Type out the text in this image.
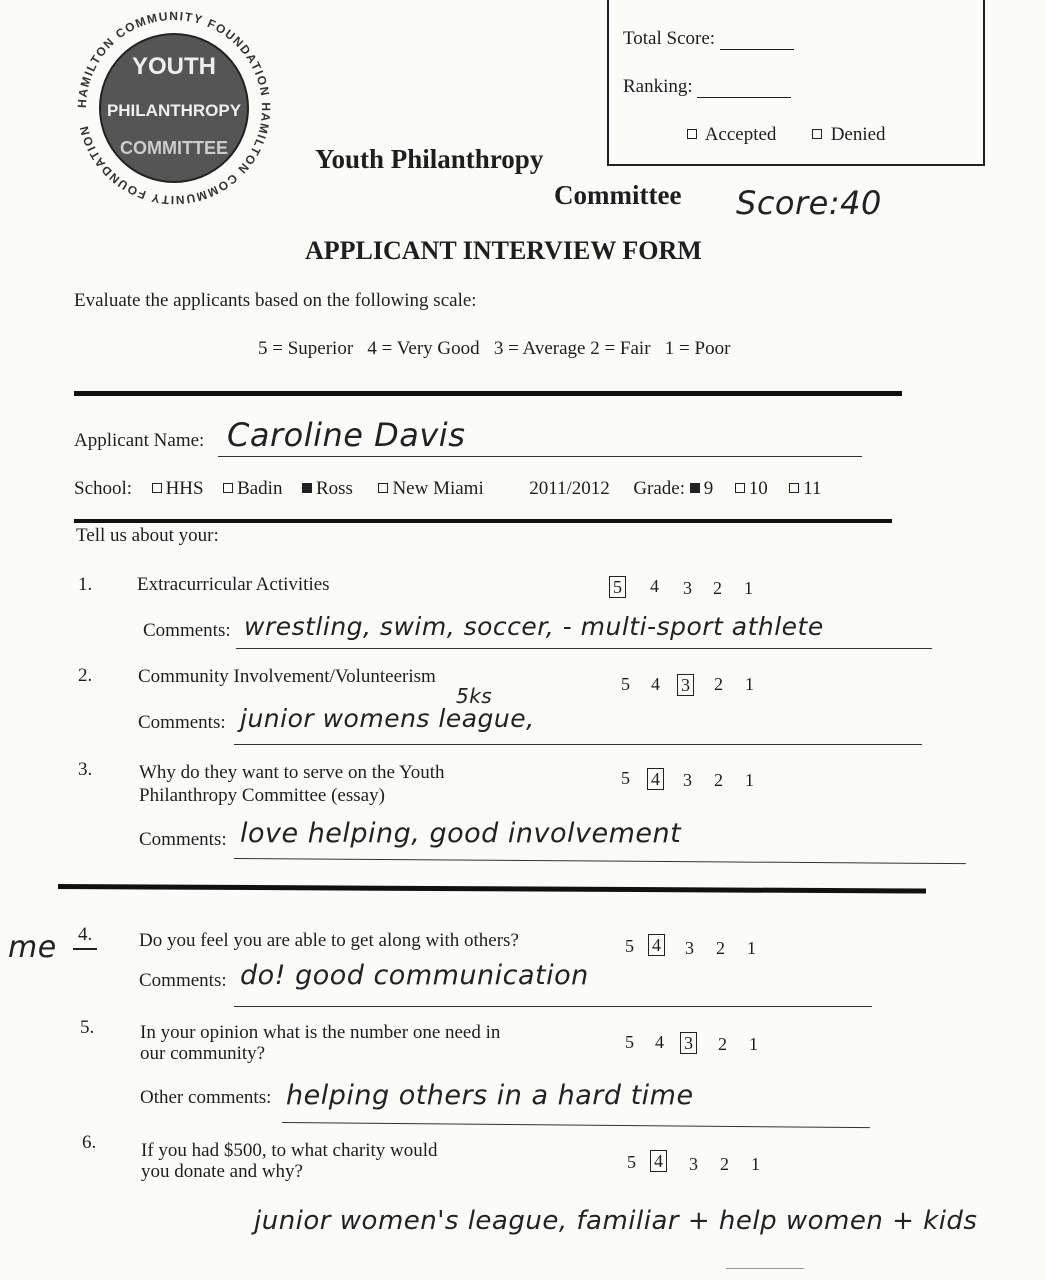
HAMILTON COMMUNITY FOUNDATION HAMILTON COMMUNITY FOUNDATION
YOUTH
PHILANTHROPY
COMMITTEE
Total Score:
Ranking:
Accepted	Denied
Youth Philanthropy
Committee Score:40
APPLICANT INTERVIEW FORM
Evaluate the applicants based on the following scale:
5 = Superior   4 = Very Good   3 = Average 2 = Fair   1 = Poor
Applicant Name: Caroline Davis
School: HHS Badin Ross New Miami 2011/2012 Grade: 9 10 11
Tell us about your:
1. Extracurricular Activities	5 4 3 2 1
Comments: wrestling, swim, soccer, - multi-sport athlete
2. Community Involvement/Volunteerism	5 4 3 2 1
5ks
Comments: junior womens league,
3. Why do they want to serve on the Youth
Philanthropy Committee (essay)
5 4 3 2 1
Comments: love helping, good involvement
me 4. Do you feel you are able to get along with others?	5 4 3 2 1
Comments: do! good communication
5. In your opinion what is the number one need in
our community?
5 4 3 2 1
Other comments: helping others in a hard time
6. If you had $500, to what charity would
you donate and why?	5 4 3 2 1
junior women's league, familiar + help women + kids
